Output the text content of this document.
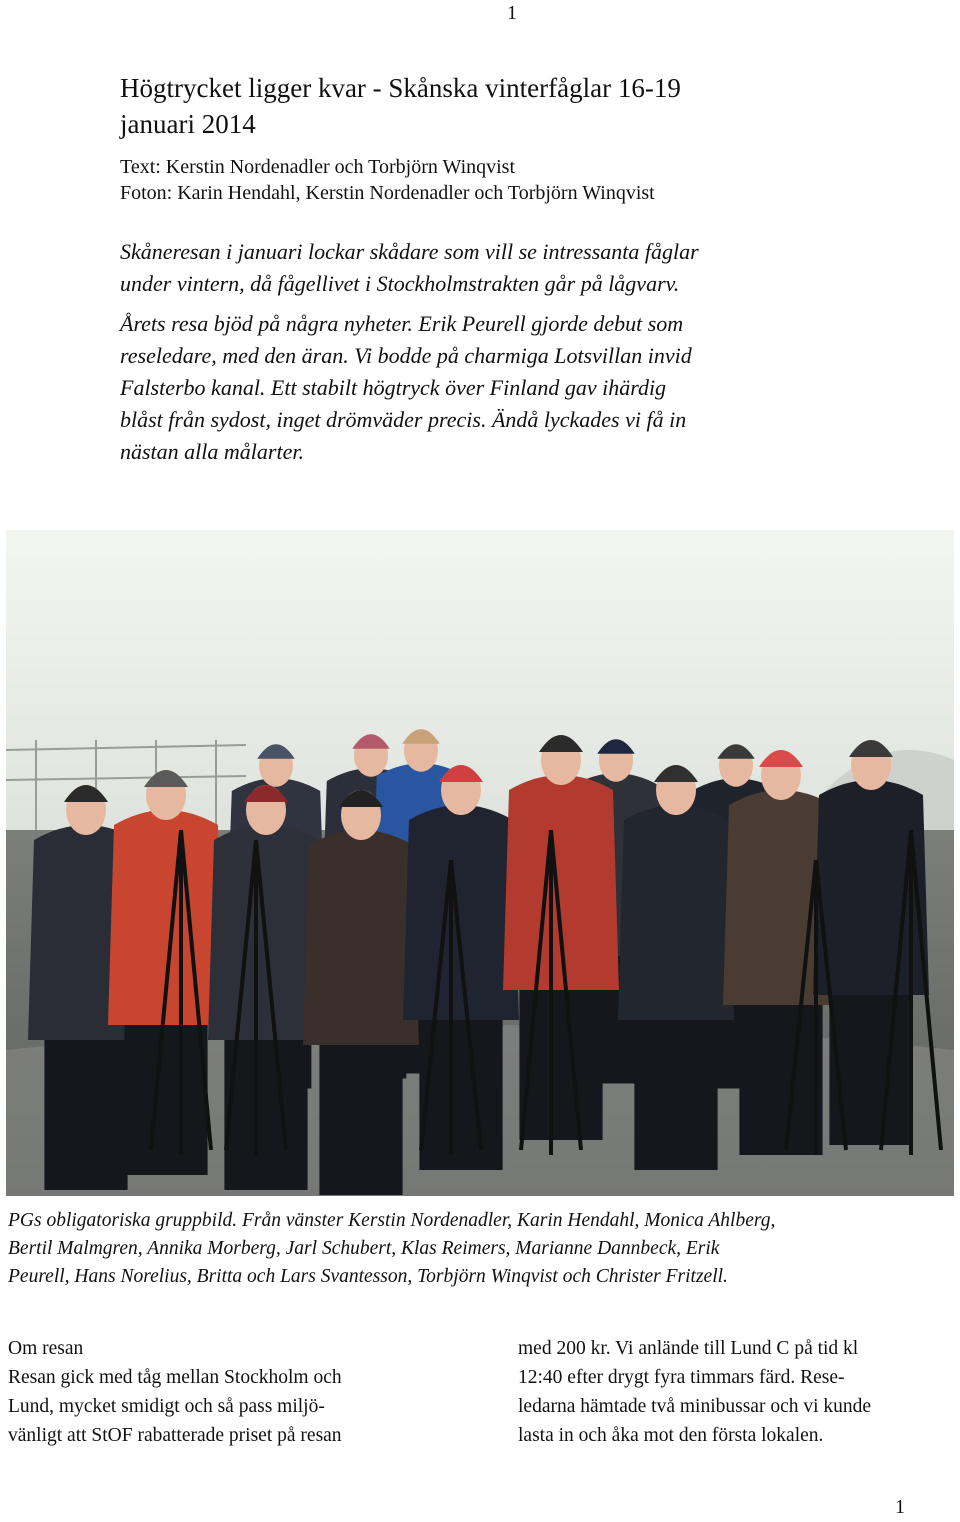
1
Högtrycket ligger kvar - Skånska vinterfåglar 16-19
januari 2014
Text: Kerstin Nordenadler och Torbjörn Winqvist
Foton: Karin Hendahl, Kerstin Nordenadler och Torbjörn Winqvist

Skåneresan i januari lockar skådare som vill se intressanta fåglar
under vintern, då fågellivet i Stockholmstrakten går på lågvarv.

Årets resa bjöd på några nyheter. Erik Peurell gjorde debut som
reseledare, med den äran. Vi bodde på charmiga Lotsvillan invid
Falsterbo kanal. Ett stabilt högtryck över Finland gav ihärdig
blåst från sydost, inget drömväder precis. Ändå lyckades vi få in
nästan alla målarter.

PGs obligatoriska gruppbild. Från vänster Kerstin Nordenadler, Karin Hendahl, Monica Ahlberg,
Bertil Malmgren, Annika Morberg, Jarl Schubert, Klas Reimers, Marianne Dannbeck, Erik
Peurell, Hans Norelius, Britta och Lars Svantesson, Torbjörn Winqvist och Christer Fritzell.
Om resan
Resan gick med tåg mellan Stockholm och
Lund, mycket smidigt och så pass miljö-
vänligt att StOF rabatterade priset på resan
med 200 kr. Vi anlände till Lund C på tid kl
12:40 efter drygt fyra timmars färd. Rese-
ledarna hämtade två minibussar och vi kunde
lasta in och åka mot den första lokalen.
1
